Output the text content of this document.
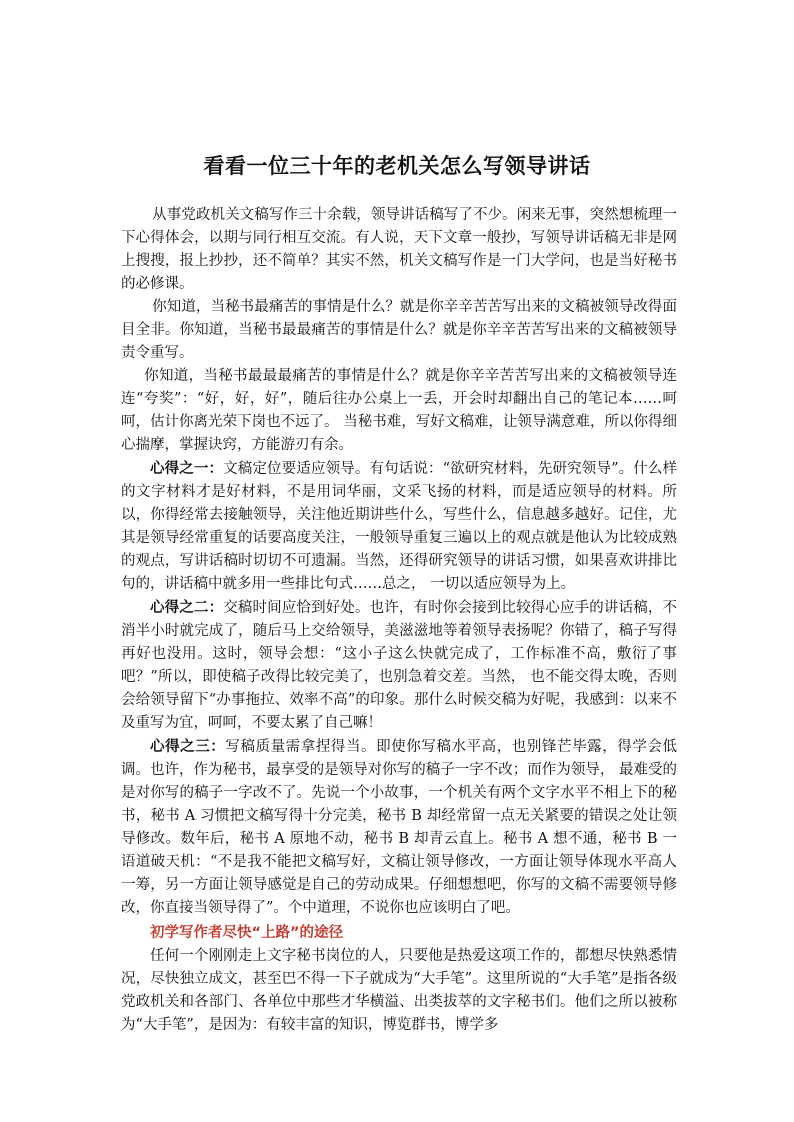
看看一位三十年的老机关怎么写领导讲话

从事党政机关文稿写作三十余载，领导讲话稿写了不少。闲来无事，突然想梳理一下心得体会，以期与同行相互交流。有人说，天下文章一般抄，写领导讲话稿无非是网上搜搜，报上抄抄，还不简单？其实不然，机关文稿写作是一门大学问，也是当好秘书的必修课。

你知道，当秘书最痛苦的事情是什么？就是你辛辛苦苦写出来的文稿被领导改得面目全非。你知道，当秘书最最痛苦的事情是什么？就是你辛辛苦苦写出来的文稿被领导责令重写。

你知道，当秘书最最最痛苦的事情是什么？就是你辛辛苦苦写出来的文稿被领导连连“夸奖”：“好，好，好”，随后往办公桌上一丢，开会时却翻出自己的笔记本……呵呵，估计你离光荣下岗也不远了。 当秘书难，写好文稿难，让领导满意难，所以你得细心揣摩，掌握诀窍，方能游刃有余。

心得之一：文稿定位要适应领导。有句话说：“欲研究材料，先研究领导”。什么样的文字材料才是好材料，不是用词华丽，文采飞扬的材料，而是适应领导的材料。所以，你得经常去接触领导，关注他近期讲些什么，写些什么，信息越多越好。记住，尤其是领导经常重复的话要高度关注，一般领导重复三遍以上的观点就是他认为比较成熟的观点，写讲话稿时切切不可遗漏。当然，还得研究领导的讲话习惯，如果喜欢讲排比句的，讲话稿中就多用一些排比句式……总之， 一切以适应领导为上。

心得之二：交稿时间应恰到好处。也许，有时你会接到比较得心应手的讲话稿，不消半小时就完成了，随后马上交给领导，美滋滋地等着领导表扬呢？你错了，稿子写得再好也没用。这时，领导会想：“这小子这么快就完成了，工作标准不高，敷衍了事吧？”所以，即使稿子改得比较完美了，也别急着交差。当然， 也不能交得太晚，否则会给领导留下“办事拖拉、效率不高”的印象。那什么时候交稿为好呢，我感到：以来不及重写为宜，呵呵，不要太累了自己嘛！

心得之三：写稿质量需拿捏得当。即使你写稿水平高，也别锋芒毕露，得学会低调。也许，作为秘书，最享受的是领导对你写的稿子一字不改；而作为领导， 最难受的是对你写的稿子一字改不了。先说一个小故事，一个机关有两个文字水平不相上下的秘书，秘书 A 习惯把文稿写得十分完美，秘书 B 却经常留一点无关紧要的错误之处让领导修改。数年后，秘书 A 原地不动，秘书 B 却青云直上。秘书 A 想不通，秘书 B 一语道破天机：“不是我不能把文稿写好，文稿让领导修改，一方面让领导体现水平高人一筹，另一方面让领导感觉是自己的劳动成果。仔细想想吧，你写的文稿不需要领导修改，你直接当领导得了”。个中道理，不说你也应该明白了吧。

初学写作者尽快“上路”的途径

任何一个刚刚走上文字秘书岗位的人，只要他是热爱这项工作的，都想尽快熟悉情况，尽快独立成文，甚至巴不得一下子就成为“大手笔”。这里所说的“大手笔”是指各级党政机关和各部门、各单位中那些才华横溢、出类拔萃的文字秘书们。他们之所以被称为“大手笔”，是因为：有较丰富的知识，博览群书，博学多
